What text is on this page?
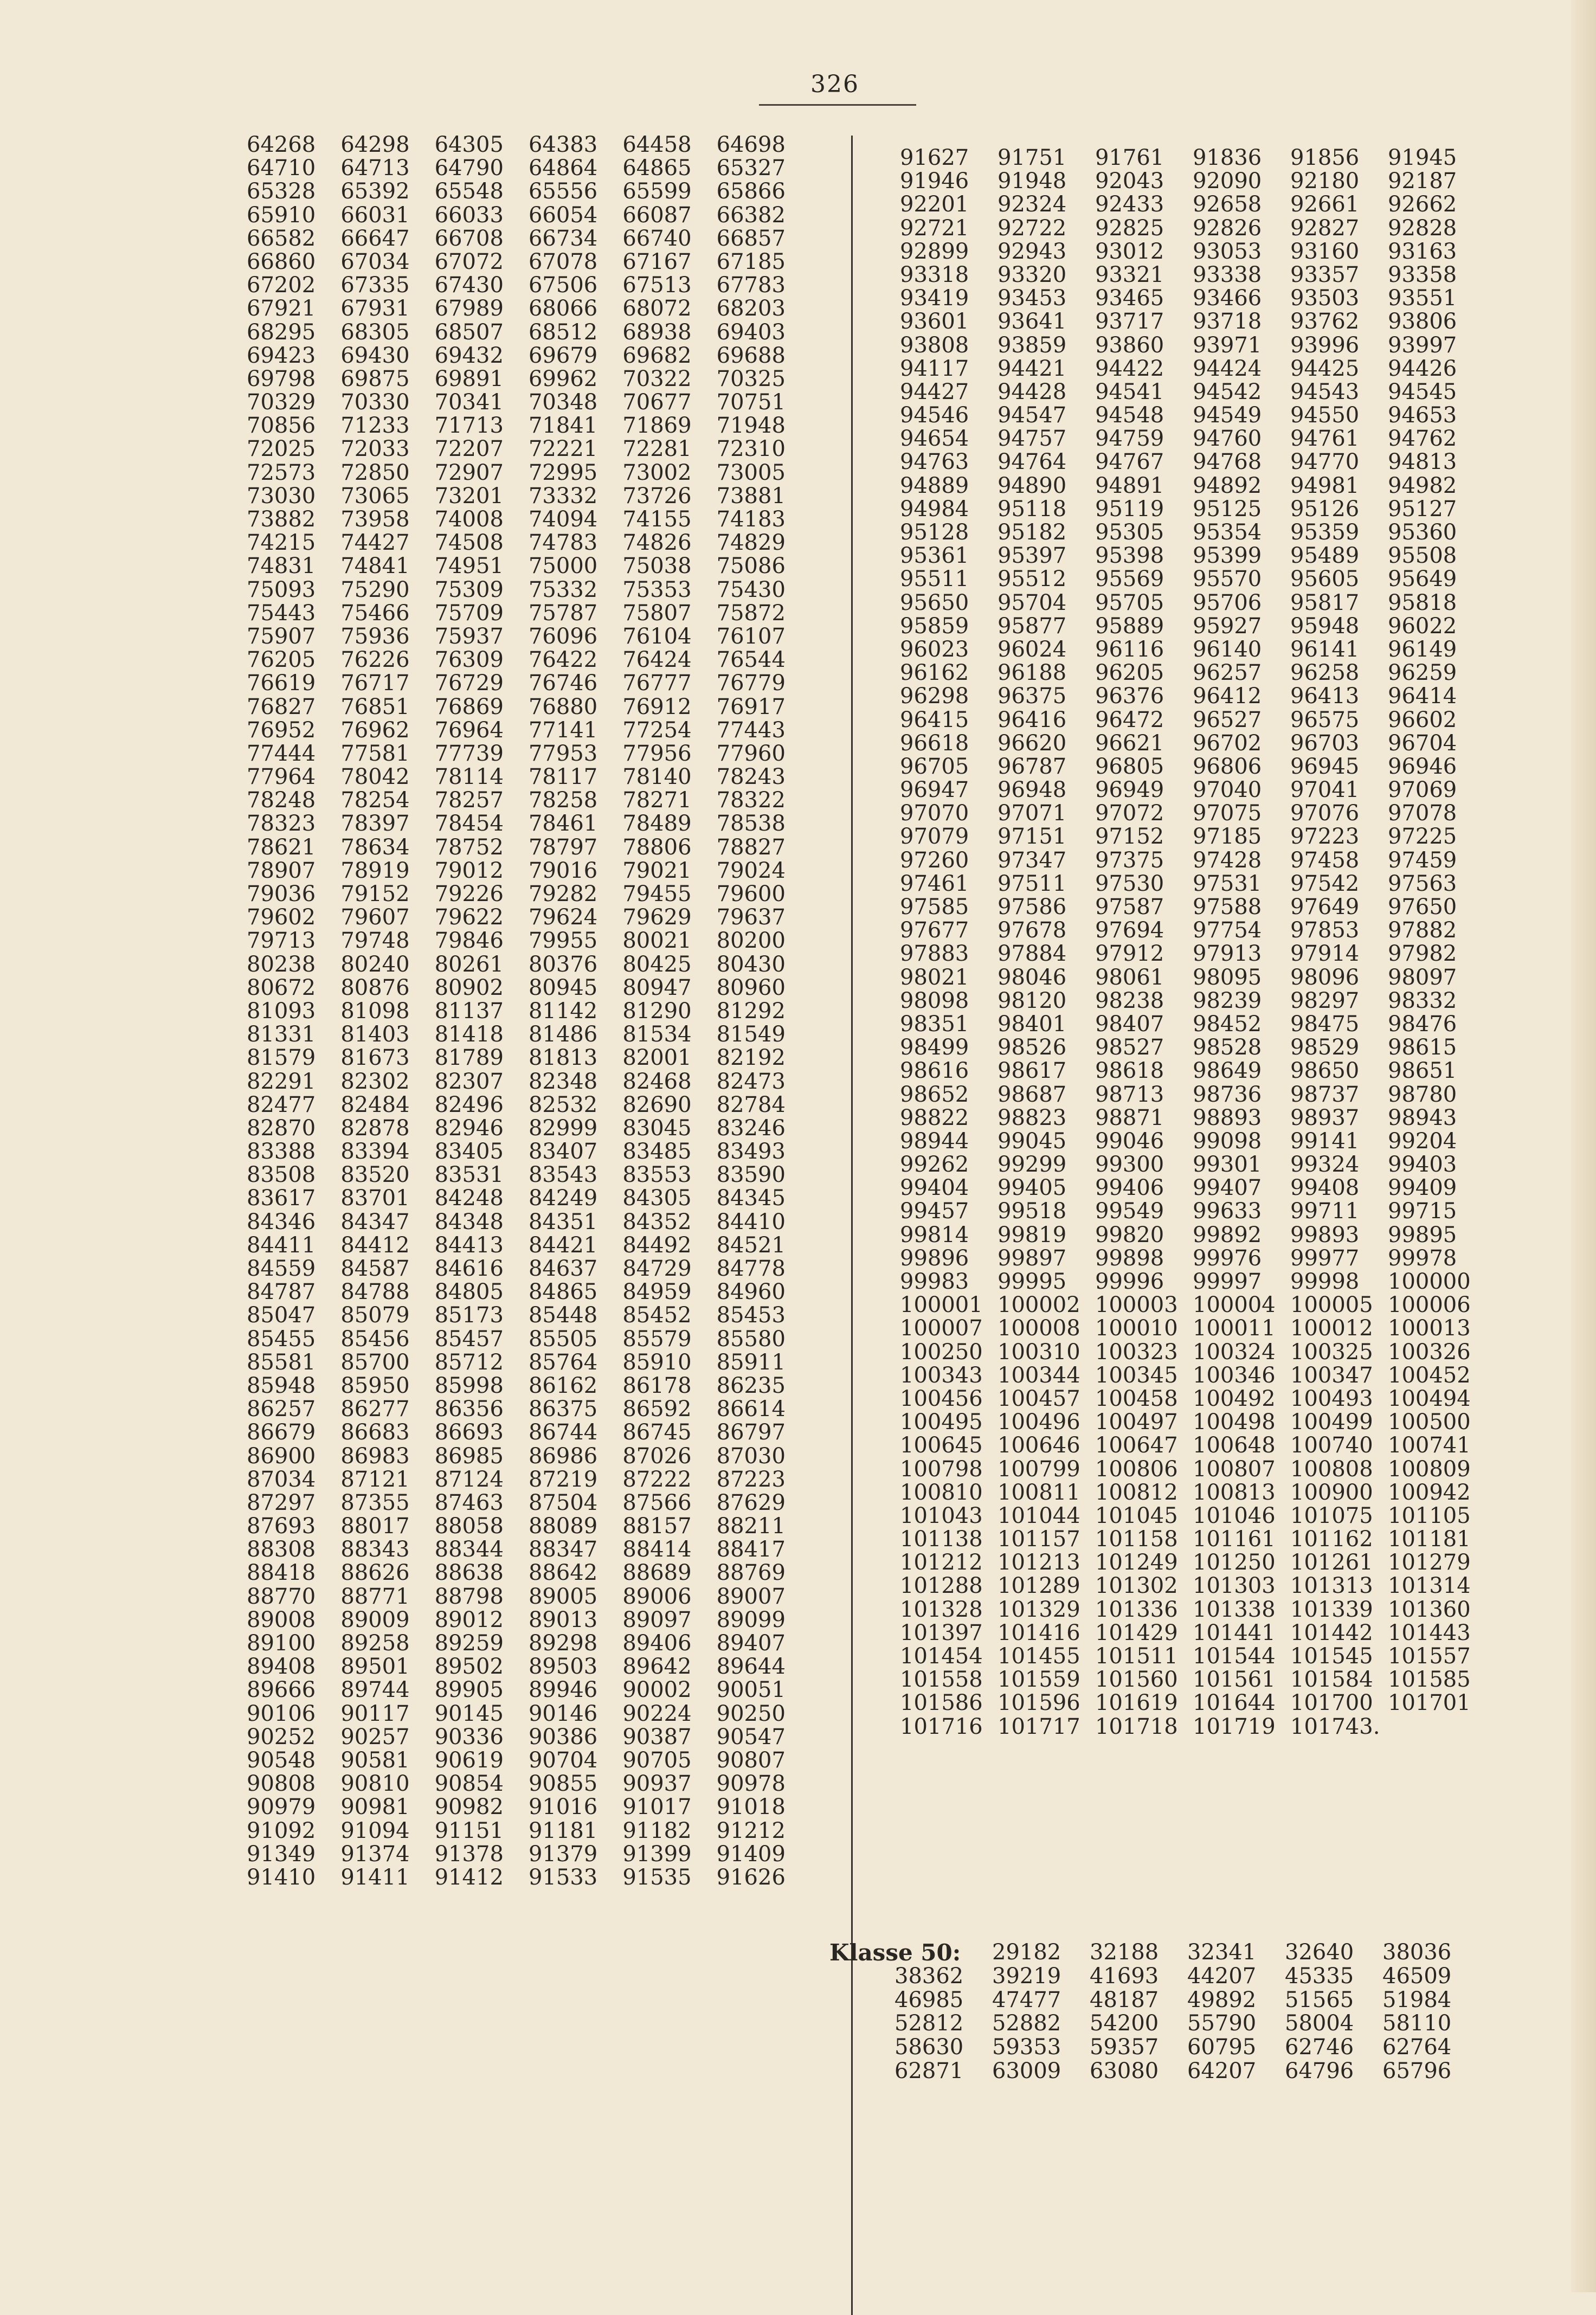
326
64268	64298	64305	64383	64458	64698
64710	64713	64790	64864	64865	65327
65328	65392	65548	65556	65599	65866
65910	66031	66033	66054	66087	66382
66582	66647	66708	66734	66740	66857
66860	67034	67072	67078	67167	67185
67202	67335	67430	67506	67513	67783
67921	67931	67989	68066	68072	68203
68295	68305	68507	68512	68938	69403
69423	69430	69432	69679	69682	69688
69798	69875	69891	69962	70322	70325
70329	70330	70341	70348	70677	70751
70856	71233	71713	71841	71869	71948
72025	72033	72207	72221	72281	72310
72573	72850	72907	72995	73002	73005
73030	73065	73201	73332	73726	73881
73882	73958	74008	74094	74155	74183
74215	74427	74508	74783	74826	74829
74831	74841	74951	75000	75038	75086
75093	75290	75309	75332	75353	75430
75443	75466	75709	75787	75807	75872
75907	75936	75937	76096	76104	76107
76205	76226	76309	76422	76424	76544
76619	76717	76729	76746	76777	76779
76827	76851	76869	76880	76912	76917
76952	76962	76964	77141	77254	77443
77444	77581	77739	77953	77956	77960
77964	78042	78114	78117	78140	78243
78248	78254	78257	78258	78271	78322
78323	78397	78454	78461	78489	78538
78621	78634	78752	78797	78806	78827
78907	78919	79012	79016	79021	79024
79036	79152	79226	79282	79455	79600
79602	79607	79622	79624	79629	79637
79713	79748	79846	79955	80021	80200
80238	80240	80261	80376	80425	80430
80672	80876	80902	80945	80947	80960
81093	81098	81137	81142	81290	81292
81331	81403	81418	81486	81534	81549
81579	81673	81789	81813	82001	82192
82291	82302	82307	82348	82468	82473
82477	82484	82496	82532	82690	82784
82870	82878	82946	82999	83045	83246
83388	83394	83405	83407	83485	83493
83508	83520	83531	83543	83553	83590
83617	83701	84248	84249	84305	84345
84346	84347	84348	84351	84352	84410
84411	84412	84413	84421	84492	84521
84559	84587	84616	84637	84729	84778
84787	84788	84805	84865	84959	84960
85047	85079	85173	85448	85452	85453
85455	85456	85457	85505	85579	85580
85581	85700	85712	85764	85910	85911
85948	85950	85998	86162	86178	86235
86257	86277	86356	86375	86592	86614
86679	86683	86693	86744	86745	86797
86900	86983	86985	86986	87026	87030
87034	87121	87124	87219	87222	87223
87297	87355	87463	87504	87566	87629
87693	88017	88058	88089	88157	88211
88308	88343	88344	88347	88414	88417
88418	88626	88638	88642	88689	88769
88770	88771	88798	89005	89006	89007
89008	89009	89012	89013	89097	89099
89100	89258	89259	89298	89406	89407
89408	89501	89502	89503	89642	89644
89666	89744	89905	89946	90002	90051
90106	90117	90145	90146	90224	90250
90252	90257	90336	90386	90387	90547
90548	90581	90619	90704	90705	90807
90808	90810	90854	90855	90937	90978
90979	90981	90982	91016	91017	91018
91092	91094	91151	91181	91182	91212
91349	91374	91378	91379	91399	91409
91410	91411	91412	91533	91535	91626
91627	91751	91761	91836	91856	91945
91946	91948	92043	92090	92180	92187
92201	92324	92433	92658	92661	92662
92721	92722	92825	92826	92827	92828
92899	92943	93012	93053	93160	93163
93318	93320	93321	93338	93357	93358
93419	93453	93465	93466	93503	93551
93601	93641	93717	93718	93762	93806
93808	93859	93860	93971	93996	93997
94117	94421	94422	94424	94425	94426
94427	94428	94541	94542	94543	94545
94546	94547	94548	94549	94550	94653
94654	94757	94759	94760	94761	94762
94763	94764	94767	94768	94770	94813
94889	94890	94891	94892	94981	94982
94984	95118	95119	95125	95126	95127
95128	95182	95305	95354	95359	95360
95361	95397	95398	95399	95489	95508
95511	95512	95569	95570	95605	95649
95650	95704	95705	95706	95817	95818
95859	95877	95889	95927	95948	96022
96023	96024	96116	96140	96141	96149
96162	96188	96205	96257	96258	96259
96298	96375	96376	96412	96413	96414
96415	96416	96472	96527	96575	96602
96618	96620	96621	96702	96703	96704
96705	96787	96805	96806	96945	96946
96947	96948	96949	97040	97041	97069
97070	97071	97072	97075	97076	97078
97079	97151	97152	97185	97223	97225
97260	97347	97375	97428	97458	97459
97461	97511	97530	97531	97542	97563
97585	97586	97587	97588	97649	97650
97677	97678	97694	97754	97853	97882
97883	97884	97912	97913	97914	97982
98021	98046	98061	98095	98096	98097
98098	98120	98238	98239	98297	98332
98351	98401	98407	98452	98475	98476
98499	98526	98527	98528	98529	98615
98616	98617	98618	98649	98650	98651
98652	98687	98713	98736	98737	98780
98822	98823	98871	98893	98937	98943
98944	99045	99046	99098	99141	99204
99262	99299	99300	99301	99324	99403
99404	99405	99406	99407	99408	99409
99457	99518	99549	99633	99711	99715
99814	99819	99820	99892	99893	99895
99896	99897	99898	99976	99977	99978
99983	99995	99996	99997	99998	100000
100001 100002 100003 100004 100005 100006
100007 100008 100010 100011 100012 100013
100250 100310 100323 100324 100325 100326
100343 100344 100345 100346 100347 100452
100456 100457 100458 100492 100493 100494
100495 100496 100497 100498 100499 100500
100645 100646 100647 100648 100740 100741
100798 100799 100806 100807 100808 100809
100810 100811 100812 100813 100900 100942
101043 101044 101045 101046 101075 101105
101138 101157 101158 101161 101162 101181
101212 101213 101249 101250 101261 101279
101288 101289 101302 101303 101313 101314
101328 101329 101336 101338 101339 101360
101397 101416 101429 101441 101442 101443
101454 101455 101511 101544 101545 101557
101558 101559 101560 101561 101584 101585
101586 101596 101619 101644 101700 101701
101716 101717 101718 101719 101743.
Klasse 50:	29182	32188	32341	32640	38036
38362	39219	41693	44207	45335	46509
46985	47477	48187	49892	51565	51984
52812	52882	54200	55790	58004	58110
58630	59353	59357	60795	62746	62764
62871	63009	63080	64207	64796	65796
